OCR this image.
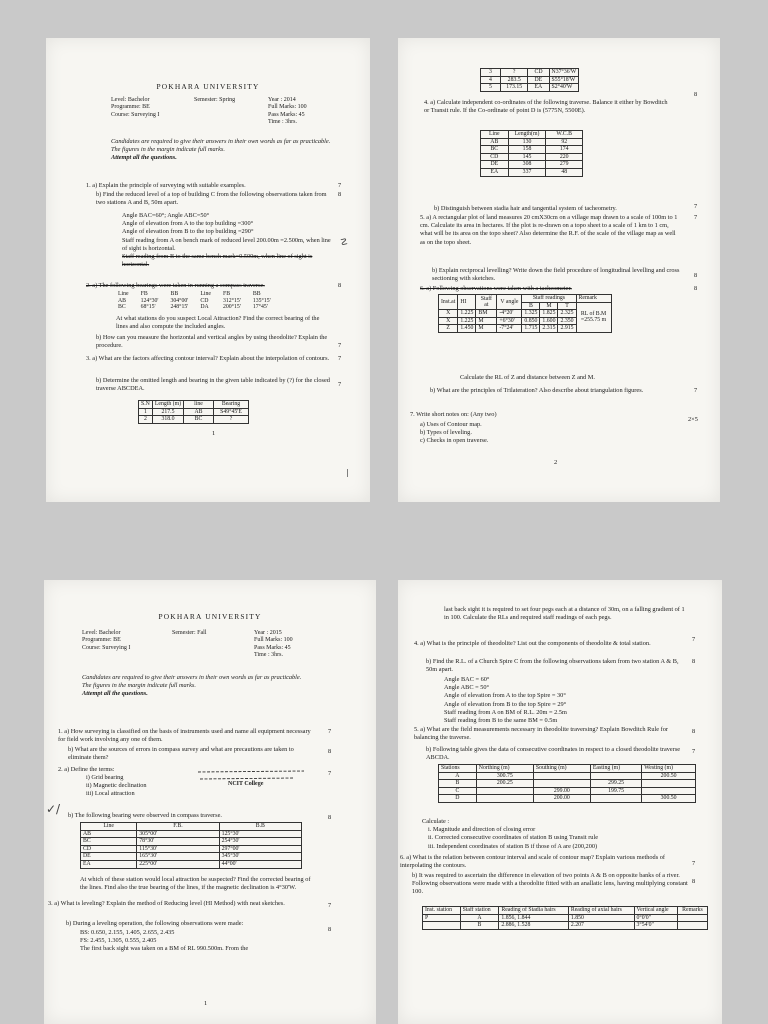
POKHARA UNIVERSITY
Level: Bachelor
Programme: BE
Course: Surveying I
Semester: Spring	Year : 2014
Full Marks: 100
Pass Marks: 45
Time : 3hrs.
Candidates are required to give their answers in their own words as far as practicable.
The figures in the margin indicate full marks.
Attempt all the questions.
1. a) Explain the principle of surveying with suitable examples.	7
b) Find the reduced level of a top of building C from the following observations taken from two stations A and B, 50m apart.
8
Angle BAC=60°; Angle ABC=50°
Angle of elevation from A to the top building =300°
Angle of elevation from B to the top building =290°
Staff reading from A on bench mark of reduced level 200.00m =2.500m, when line of sight is horizontal.
Staff reading from B to the same bench mark=0.500m, when line of sight is horizontal.
☡
2. a) The following bearings were taken in running a compass traverse.	8
Line	FB	BB	Line	FB	BB
AB	124°30'	304°00'	CD	312°15'	135°15'
BC	68°15'	248°15'	DA	200°15'	17°45'
At what stations do you suspect Local Attraction? Find the correct bearing of the lines and also compute the included angles.
b) How can you measure the horizontal and vertical angles by using theodolite? Explain the procedure.	7
3. a) What are the factors affecting contour interval? Explain about the interpolation of contours. 7
b) Determine the omitted length and bearing in the given table indicated by (?) for the closed traverse ABCDEA.
7
S.N	Length (m)	line	Bearing
1	217.5	AB	S49°45'E
2	318.0	BC	?
1
|
3	?	CD	N37°36'W
4	283.5	DE	S55°18'W
5	173.15	EA	S2°40'W
4. a) Calculate independent co-ordinates of the following traverse. Balance it either by Bowditch or Transit rule. If the Co-ordinate of point D is (5775N, 5500E).
8
Line	Length(m)	W.C.B
AB	130	92
BC	158	174
CD	145	220
DE	308	279
EA	337	48
b) Distinguish between stadia hair and tangential system of tacheometry.	7
5. a) A rectangular plot of land measures 20 cmX30cm on a village map drawn to a scale of 100m to 1 cm. Calculate its area in hectares. If the plot is re-drawn on a topo sheet to a scale of 1 km to 1 cm, what will be its area on the topo sheet? Also determine the R.F. of the scale of the village map as well as on the topo sheet.
7
b) Explain reciprocal levelling? Write down the field procedure of longitudinal levelling and cross sectioning with sketches.	8
6. a) Following observations were taken with a tacheometer.	8
Inst.at	HI	Staff at	V angle	Staff readings			Remark
				B	M	T	RL of B.M =255.75 m
X	1.225	BM	-4°20'	1.325	1.825	2.325	
X	1.225	M	+6°30'	0.850	1.600	2.350	
Z	1.450	M	-7°24'	1.715	2.315	2.915	
Calculate the RL of Z and distance between Z and M.
b) What are the principles of Trilateration? Also describe about triangulation figures.	7
7. Write short notes on: (Any two)
2×5
a) Uses of Contour map.
b) Types of leveling.
c) Checks in open traverse.
2
POKHARA UNIVERSITY
Level: Bachelor
Programme: BE
Course: Surveying I
Semester: Fall	Year : 2015
Full Marks: 100
Pass Marks: 45
Time : 3hrs.
Candidates are required to give their answers in their own words as far as practicable.
The figures in the margin indicate full marks.
Attempt all the questions.
1. a) How surveying is classified on the basis of instruments used and name all equipment necessary for field work involving any one of them.
7
b) What are the sources of errors in compass survey and what are precautions are taken to eliminate them?
8
2. a) Define the terms:
7
i) Grid bearing
ii) Magnetic declination
iii) Local attraction
NCIT College
✓/ b) The following bearing were observed in compass traverse.	8
Line	F.B.	B.B
AB	305°00'	125°30'
BC	78°30'	254°30'
CD	115°30'	297°00'
DE	165°30'	345°30'
EA	225°00'	44°00'
At which of these station would local attraction be suspected? Find the corrected bearing of the lines. Find also the true bearing of the lines, if the magnetic declination is 4°30'W.
3. a) What is leveling? Explain the method of Reducing level (HI Method) with neat sketches.	7
b) During a leveling operation, the following observations were made:
8
BS: 0.650, 2.155, 1.405, 2.655, 2.435
FS: 2.455, 1.305, 0.555, 2.405
The first back sight was taken on a BM of RL 990.500m. From the
1
last back sight it is required to set four pegs each at a distance of 30m, on a falling gradient of 1 in 100. Calculate the RLs and required staff readings of each pegs.
4. a) What is the principle of theodolite? List out the components of theodolite & total station.
7
b) Find the R.L. of a Church Spire C from the following observations taken from two station A & B, 50m apart.
8
Angle BAC = 60°
Angle ABC = 50°
Angle of elevation from A to the top Spire = 30°
Angle of elevation from B to the top Spire = 29°
Staff reading from A on BM of R.L. 20m = 2.5m
Staff reading from B to the same BM = 0.5m
5. a) What are the field measurements necessary in theodolite traversing? Explain Bowditch Rule for balancing the traverse.
8
b) Following table gives the data of consecutive coordinates in respect to a closed theodolite traverse ABCDA.
7
Stations	Northing (m)	Southing (m)	Easting (m)	Westing (m)
A	300.75			200.50
B	200.25		299.25	
C		299.00	199.75	
D		200.00		300.50
Calculate :
i. Magnitude and direction of closing error
ii. Corrected consecutive coordinates of station B using Transit rule
iii. Independent coordinates of station B if those of A are (200,200)
6. a) What is the relation between contour interval and scale of contour map? Explain various methods of interpolating the contours.	7
b) It was required to ascertain the difference in elevation of two points A & B on opposite banks of a river. Following observations were made with a theodolite fitted with an anallatic lens, having multiplying constant 100.
8
Inst. station	Staff station	Reading of Stadia hairs	Reading of axial hairs	Vertical angle	Remarks
P	A	1.856, 1.844	1.850	0°0'0"	
	B	2.886, 1.528	2.207	3°54'0"	
